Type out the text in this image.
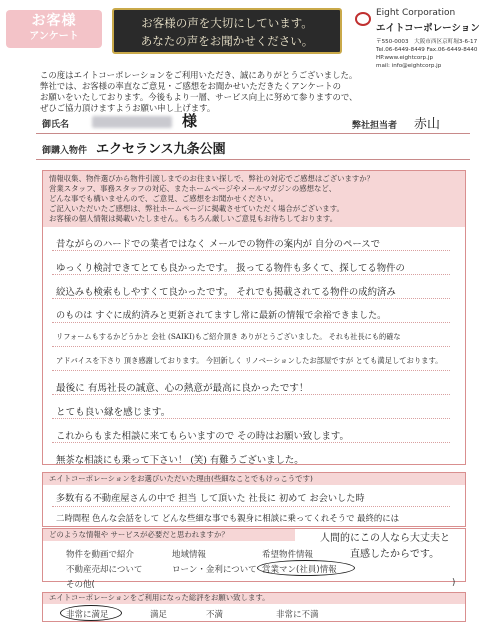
お客様
アンケート
お客様の声を大切にしています。
あなたの声をお聞かせください。
Eight Corporation
エイトコーポレーション
〒550-0003　大阪市西区京町堀3-6-17
Tel.06-6449-8449 Fax.06-6449-8440
HP.www.eightcorp.jp
mail: info@eightcorp.jp
この度はエイトコーポレーションをご利用いただき、誠にありがとうございました。
弊社では、お客様の率直なご意見・ご感想をお聞かせいただきたくアンケートの
お願いをいたしております。今後もより一層、サービス向上に努めて参りますので、
ぜひご協力頂けますようお願い申し上げます。
御氏名	様	弊社担当者 赤山
御購入物件 エクセランス九条公園
情報収集、物件選びから物件引渡しまでのお住まい探しで、弊社の対応でご感想はございますか？
営業スタッフ、事務スタッフの対応、またホームページやメールマガジンの感想など、
どんな事でも構いませんので、ご意見、ご感想をお聞かせください。
ご記入いただいたご感想は、弊社ホームページに掲載させていただく場合がございます。
お客様の個人情報は掲載いたしません。もちろん厳しいご意見もお待ちしております。
昔ながらのハードでの業者ではなく メールでの物件の案内が 自分のペースで
ゆっくり検討できてとても良かったです。 扱ってる物件も多くて、探してる物件の
絞込みも検索もしやすくて良かったです。 それでも掲載されてる物件の成約済み
のものは すぐに成約済みと更新されてますし常に最新の情報で余裕できました。
リフォームもするかどうかと 会社 (SAIKI)もご紹介頂き ありがとうございました。 それも社長にも的確な
アドバイスを下さり 頂き感謝しております。 今回新しく リノベーションしたお部屋ですが とても満足しております。
最後に 有馬社長の誠意、心の熱意が最高に良かったです！
とても良い縁を感じます。
これからもまた相談に来てもらいますので その時はお願い致します。
無茶な相談にも乗って下さい！ (笑) 有難うございました。
エイトコーポレーションをお選びいただいた理由(些細なことでもけっこうです)
多数有る不動産屋さんの中で 担当 して頂いた 社長に 初めて お会いした時
二時間程 色んな会話をして どんな些細な事でも親身に相談に乗ってくれそうで 最終的には
どのような情報や サービスが必要だと思われますか？	人間的にこの人なら大丈夫と
直感したからです。
物件を動画で紹介	地域情報	希望物件情報
不動産売却について	ローン・金利について 営業マン(社員)情報
その他(	)
エイトコーポレーションをご利用になった総評をお願い致します。
非常に満足	満足	不満	非常に不満
